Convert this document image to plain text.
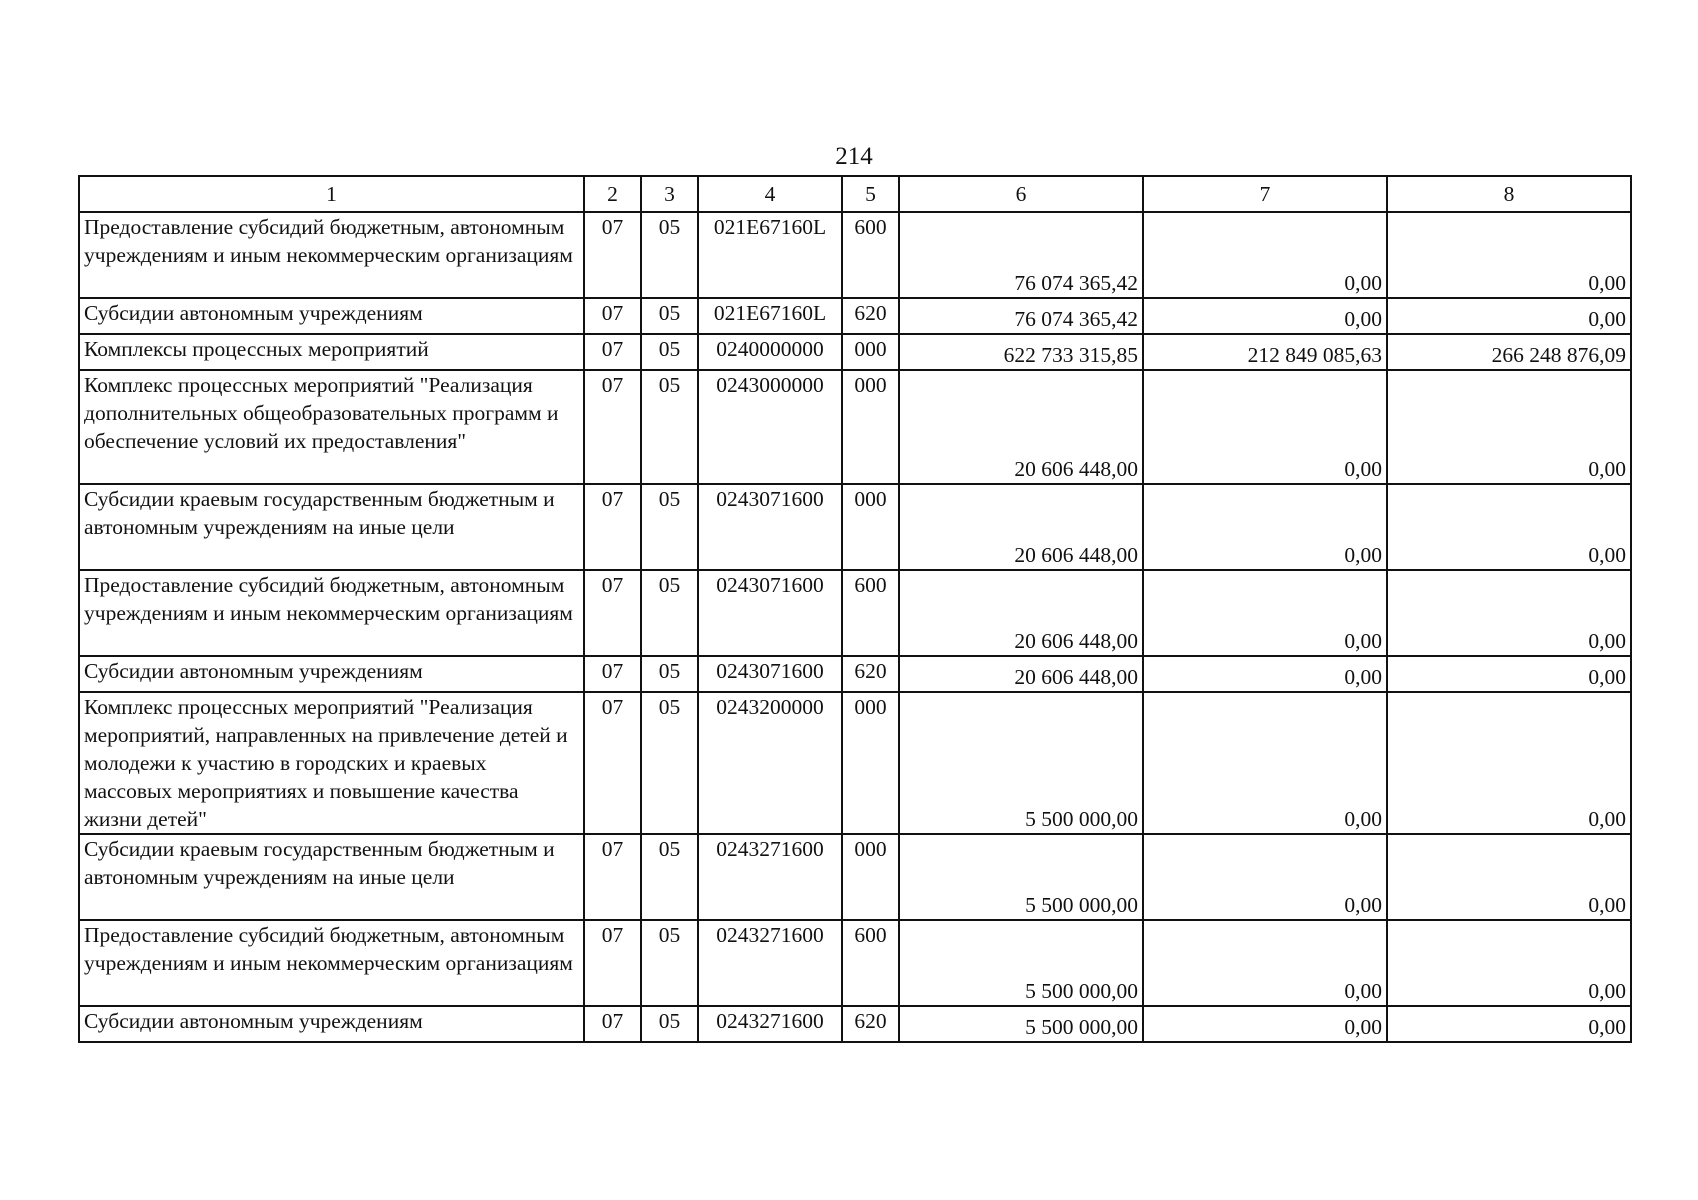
214
1	2	3	4	5	6	7	8
Предоставление субсидий бюджетным, автономным учреждениям и иным некоммерческим организациям	07	05	021Е67160L	600	76 074 365,42	0,00	0,00
Субсидии автономным учреждениям	07	05	021Е67160L	620	76 074 365,42	0,00	0,00
Комплексы процессных мероприятий	07	05	0240000000	000	622 733 315,85	212 849 085,63	266 248 876,09
Комплекс процессных мероприятий "Реализация дополнительных общеобразовательных программ и обеспечение условий их предоставления"	07	05	0243000000	000	20 606 448,00	0,00	0,00
Субсидии краевым государственным бюджетным и автономным учреждениям на иные цели	07	05	0243071600	000	20 606 448,00	0,00	0,00
Предоставление субсидий бюджетным, автономным учреждениям и иным некоммерческим организациям	07	05	0243071600	600	20 606 448,00	0,00	0,00
Субсидии автономным учреждениям	07	05	0243071600	620	20 606 448,00	0,00	0,00
Комплекс процессных мероприятий "Реализация мероприятий, направленных на привлечение детей и молодежи к участию в городских и краевых массовых мероприятиях и повышение качества жизни детей"	07	05	0243200000	000	5 500 000,00	0,00	0,00
Субсидии краевым государственным бюджетным и автономным учреждениям на иные цели	07	05	0243271600	000	5 500 000,00	0,00	0,00
Предоставление субсидий бюджетным, автономным учреждениям и иным некоммерческим организациям	07	05	0243271600	600	5 500 000,00	0,00	0,00
Субсидии автономным учреждениям	07	05	0243271600	620	5 500 000,00	0,00	0,00
